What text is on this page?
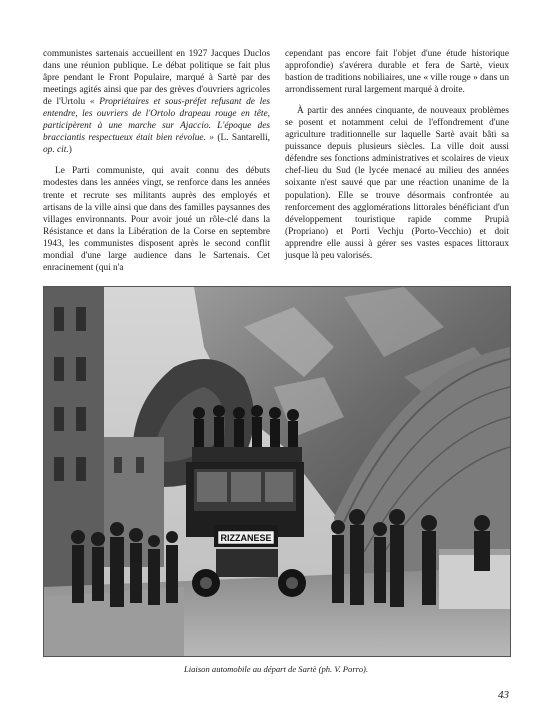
communistes sartenais accueillent en 1927 Jacques Duclos dans une réunion publique. Le débat politique se fait plus âpre pendant le Front Populaire, marqué à Sartè par des meetings agités ainsi que par des grèves d'ouvriers agricoles de l'Urtolu « Propriétaires et sous-préfet refusant de les entendre, les ouvriers de l'Ortolo drapeau rouge en tête, participèrent à une marche sur Ajaccio. L'époque des bracciantis respectueux était bien révolue. » (L. Santarelli, op. cit.)

Le Parti communiste, qui avait connu des débuts modestes dans les années vingt, se renforce dans les années trente et recrute ses militants auprès des employés et artisans de la ville ainsi que dans des familles paysannes des villages environnants. Pour avoir joué un rôle-clé dans la Résistance et dans la Libération de la Corse en septembre 1943, les communistes disposent après le second conflit mondial d'une large audience dans le Sartenais. Cet enracinement (qui n'a

cependant pas encore fait l'objet d'une étude historique approfondie) s'avérera durable et fera de Sartè, vieux bastion de traditions nobiliaires, une « ville rouge » dans un arrondissement rural largement marqué à droite.

À partir des années cinquante, de nouveaux problèmes se posent et notamment celui de l'effondrement d'une agriculture traditionnelle sur laquelle Sartè avait bâti sa puissance depuis plusieurs siècles. La ville doit aussi défendre ses fonctions administratives et scolaires de vieux chef-lieu du Sud (le lycée menacé au milieu des années soixante n'est sauvé que par une réaction unanime de la population). Elle se trouve désormais confrontée au renforcement des agglomérations littorales bénéficiant d'un développement touristique rapide comme Prupià (Propriano) et Porti Vechju (Porto-Vecchio) et doit apprendre elle aussi à gérer ses vastes espaces littoraux jusque là peu valorisés.

RIZZANESE
Liaison automobile au départ de Sartè (ph. V. Porro).
43
